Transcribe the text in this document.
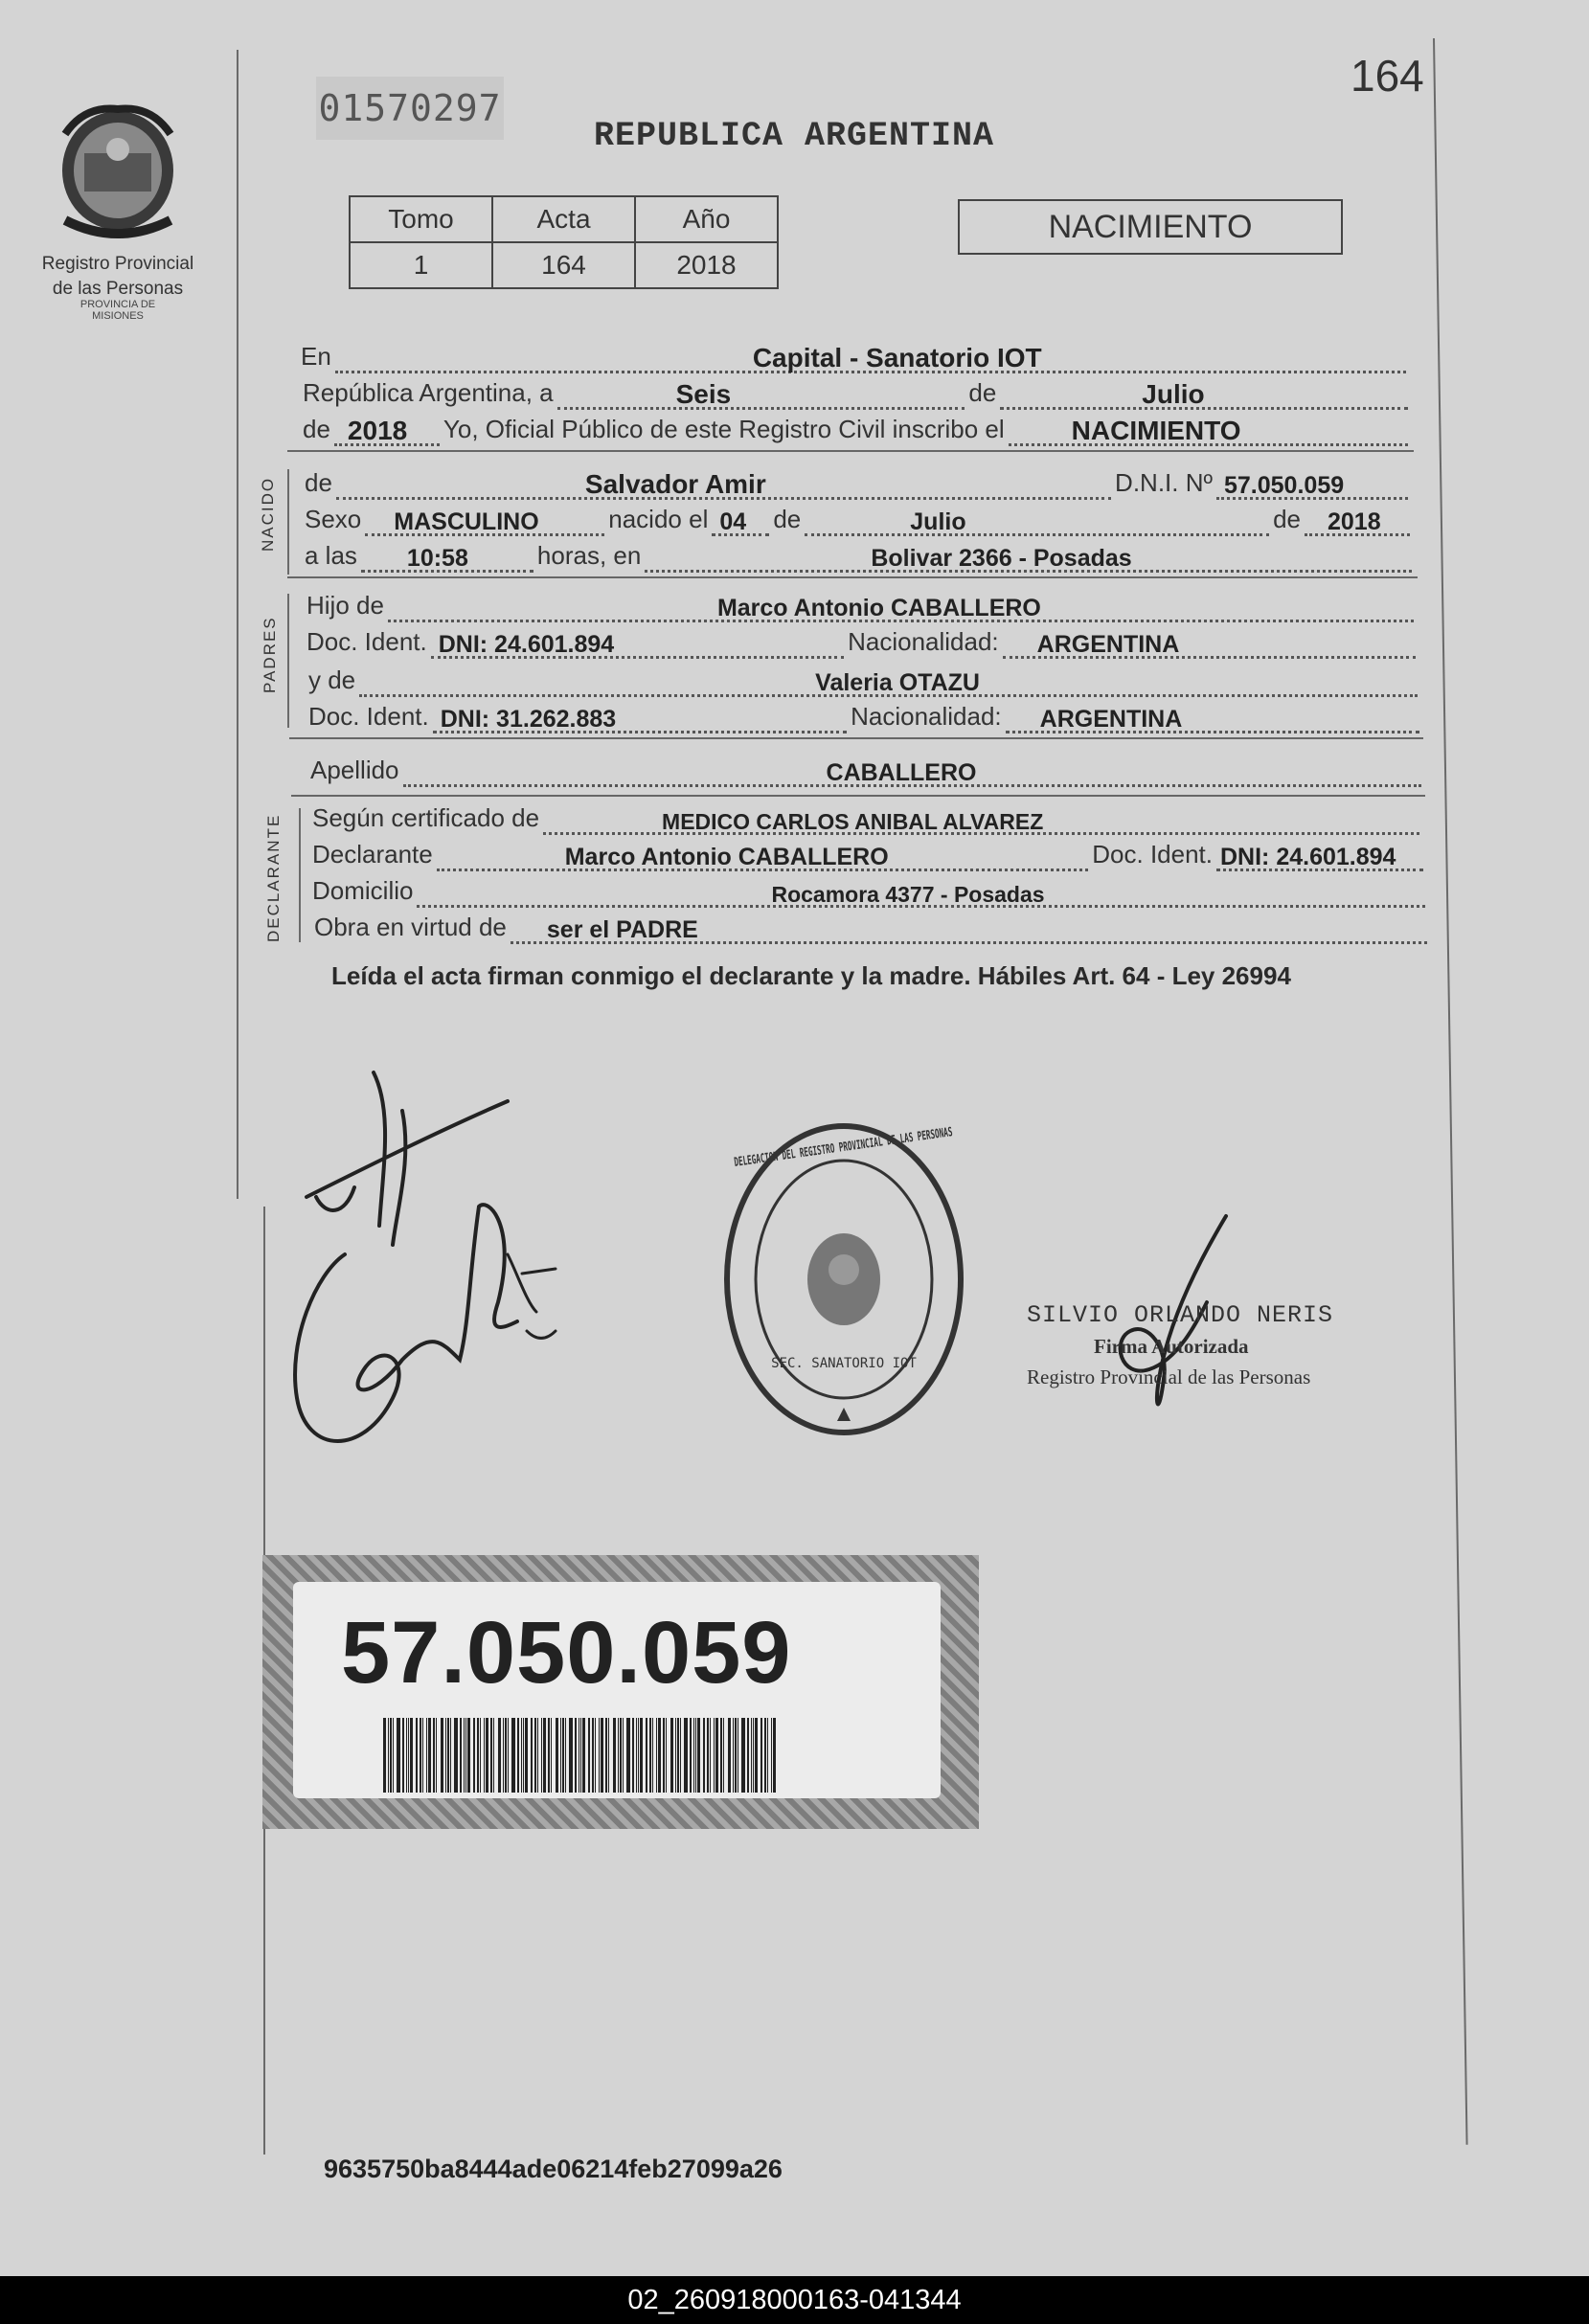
Registro Provincial
de las Personas
PROVINCIA DE
MISIONES
01570297
164
REPUBLICA ARGENTINA
Tomo	Acta	Año
1	164	2018
NACIMIENTO
En	Capital - Sanatorio IOT
República Argentina, a	Seis	de	Julio
de 2018 Yo, Oficial Público de este Registro Civil inscribo el	NACIMIENTO
NACIDO de	Salvador Amir	D.N.I. Nº 57.050.059
Sexo MASCULINO	nacido el 04 de	Julio	de 2018
a las 10:58	horas, en	Bolivar 2366 - Posadas
PADRES
Hijo de	Marco Antonio CABALLERO
Doc. Ident. DNI: 24.601.894	Nacionalidad: ARGENTINA
y de	Valeria OTAZU
Doc. Ident. DNI: 31.262.883	Nacionalidad: ARGENTINA
Apellido	CABALLERO
DECLARANTE Según certificado de	MEDICO CARLOS ANIBAL ALVAREZ
Declarante	Marco Antonio CABALLERO	Doc. Ident. DNI: 24.601.894
Domicilio	Rocamora 4377 - Posadas
Obra en virtud de ser el PADRE
Leída el acta firman conmigo el declarante y la madre. Hábiles Art. 64 - Ley 26994
DELEGACION DEL REGISTRO PROVINCIAL DE LAS PERSONAS
SEC. SANATORIO IOT
SILVIO ORLANDO NERIS
Firma Autorizada
Registro Provincial de las Personas
57.050.059
9635750ba8444ade06214feb27099a26
02_260918000163-041344
